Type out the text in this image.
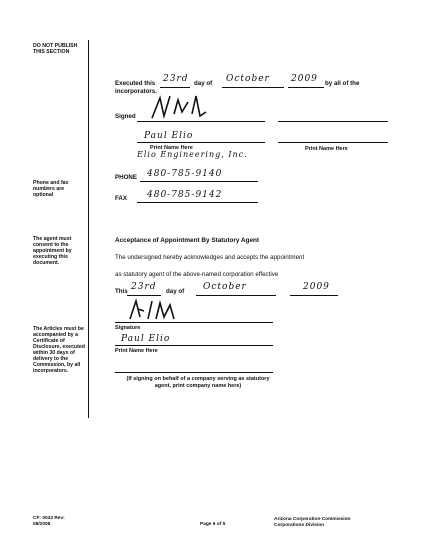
DO NOT PUBLISH THIS SECTION
Phone and fax numbers are optional
The agent must consent to the appointment by executing this document.
The Articles must be accompanied by a Certificate of Disclosure, executed within 30 days of delivery to the Commission, by all incorporators.
Executed this 23rd day of October 2009 by all of the
incorporators.
Signed
Paul Elio
Print Name Here	Print Name Here
Elio Engineering, Inc.
PHONE 480-785-9140
FAX 480-785-9142
Acceptance of Appointment By Statutory Agent
The undersigned hereby acknowledges and accepts the appointment
as statutory agent of the above-named corporation effective
This 23rd day of October	2009
Signature
Paul Elio
Print Name Here
(If signing on behalf of a company serving as statutory agent, print company name here)
CF: 0042 Rev: 08/2008	Page 6 of 5
Arizona Corporation Commission Corporations Division
